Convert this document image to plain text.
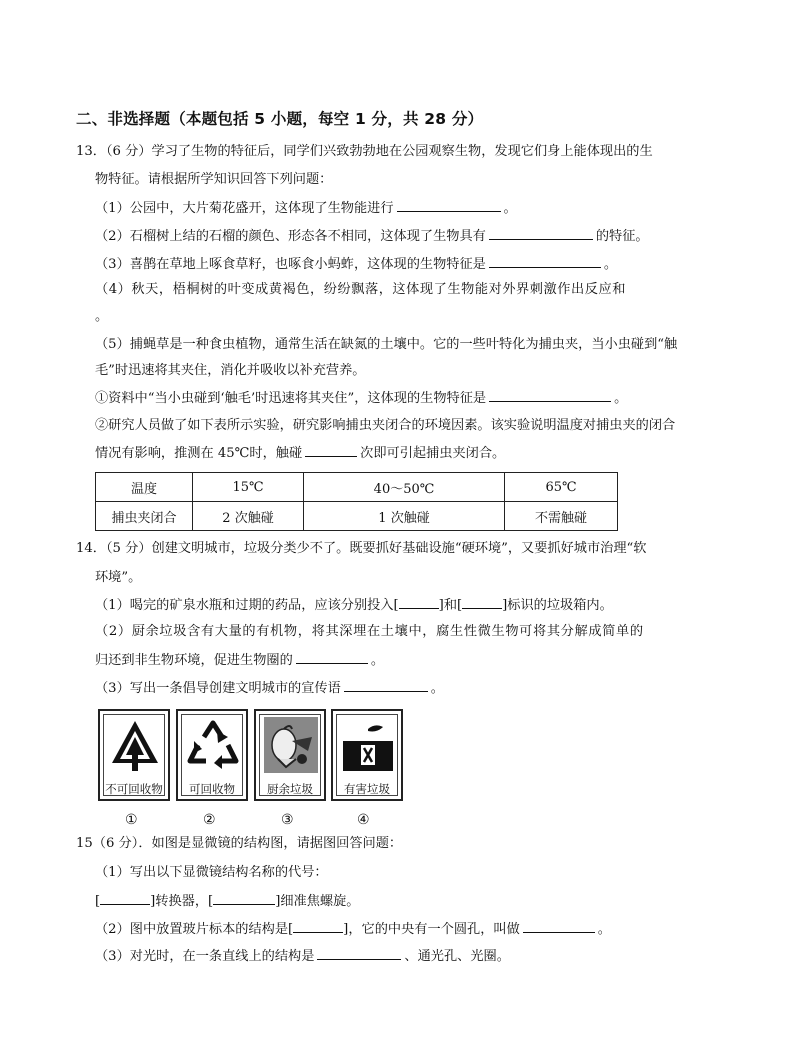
二、非选择题（本题包括 5 小题，每空 1 分，共 28 分）
13．（6 分）学习了生物的特征后，同学们兴致勃勃地在公园观察生物，发现它们身上能体现出的生
物特征。请根据所学知识回答下列问题：
（1）公园中，大片菊花盛开，这体现了生物能进行	。
（2）石榴树上结的石榴的颜色、形态各不相同，这体现了生物具有	的特征。
（3）喜鹊在草地上啄食草籽，也啄食小蚂蚱，这体现的生物特征是	。
（4）秋天，梧桐树的叶变成黄褐色，纷纷飘落，这体现了生物能对外界刺激作出反应和
。
（5）捕蝇草是一种食虫植物，通常生活在缺氮的土壤中。它的一些叶特化为捕虫夹，当小虫碰到“触
毛”时迅速将其夹住，消化并吸收以补充营养。
①资料中“当小虫碰到‘触毛’时迅速将其夹住”，这体现的生物特征是	。
②研究人员做了如下表所示实验，研究影响捕虫夹闭合的环境因素。该实验说明温度对捕虫夹的闭合
情况有影响，推测在 45℃时，触碰	次即可引起捕虫夹闭合。
温度	15℃	40～50℃	65℃
捕虫夹闭合	2 次触碰	1 次触碰	不需触碰
14．（5 分）创建文明城市，垃圾分类少不了。既要抓好基础设施“硬环境”，又要抓好城市治理“软
环境”。
（1）喝完的矿泉水瓶和过期的药品，应该分别投入[	]和[	]标识的垃圾箱内。
（2）厨余垃圾含有大量的有机物，将其深埋在土壤中，腐生性微生物可将其分解成简单的
归还到非生物环境，促进生物圈的	。
（3）写出一条倡导创建文明城市的宣传语	。
不可回收物	可回收物	厨余垃圾	有害垃圾
①	②	③	④
15（6 分）．如图是显微镜的结构图，请据图回答问题：
（1）写出以下显微镜结构名称的代号：
[	]转换器，[	]细准焦螺旋。
（2）图中放置玻片标本的结构是[	]，它的中央有一个圆孔，叫做	。
（3）对光时，在一条直线上的结构是	、通光孔、光圈。
